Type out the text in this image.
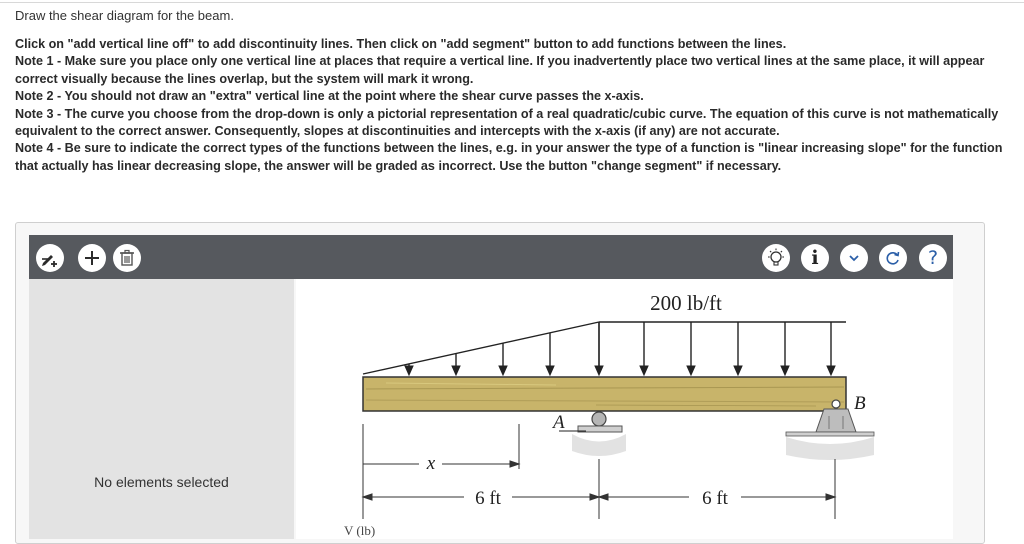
Draw the shear diagram for the beam.

Click on "add vertical line off" to add discontinuity lines. Then click on "add segment" button to add functions between the lines.

Note 1 - Make sure you place only one vertical line at places that require a vertical line. If you inadvertently place two vertical lines at the same place, it will appear correct visually because the lines overlap, but the system will mark it wrong.

Note 2 - You should not draw an "extra" vertical line at the point where the shear curve passes the x-axis.

Note 3 - The curve you choose from the drop-down is only a pictorial representation of a real quadratic/cubic curve. The equation of this curve is not mathematically equivalent to the correct answer. Consequently, slopes at discontinuities and intercepts with the x-axis (if any) are not accurate.

Note 4 - Be sure to indicate the correct types of the functions between the lines, e.g. in your answer the type of a function is "linear increasing slope" for the function that actually has linear decreasing slope, the answer will be graded as incorrect. Use the button "change segment" if necessary.

i	?
No elements selected
200 lb/ft
A
B
x
6 ft	6 ft
V (lb)
